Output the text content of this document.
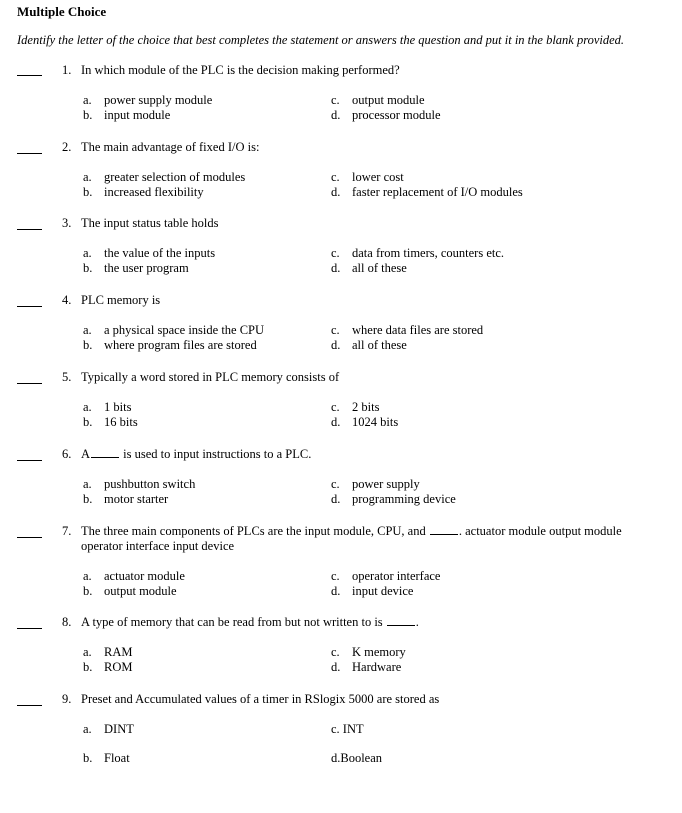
Multiple Choice
Identify the letter of the choice that best completes the statement or answers the question and put it in the blank provided.
1. In which module of the PLC is the decision making performed?
a. power supply module
b. input module
c. output module
d. processor module
2. The main advantage of fixed I/O is:
a. greater selection of modules
b. increased flexibility
c. lower cost
d. faster replacement of I/O modules
3. The input status table holds
a. the value of the inputs
b. the user program
c. data from timers, counters etc.
d. all of these
4. PLC memory is
a. a physical space inside the CPU
b. where program files are stored
c. where data files are stored
d. all of these
5. Typically a word stored in PLC memory consists of
a. 1 bits
b. 16 bits
c. 2 bits
d. 1024 bits
6. A	is used to input instructions to a PLC.
a. pushbutton switch
b. motor starter
c. power supply
d. programming device
7. The three main components of PLCs are the input module, CPU, and	. actuator module output module operator interface input device
a. actuator module
b. output module
c. operator interface
d. input device
8. A type of memory that can be read from but not written to is	.
a. RAM
b. ROM
c. K memory
d. Hardware
9. Preset and Accumulated values of a timer in RSlogix 5000 are stored as
a. DINT
b. Float
c. INT
d.Boolean
